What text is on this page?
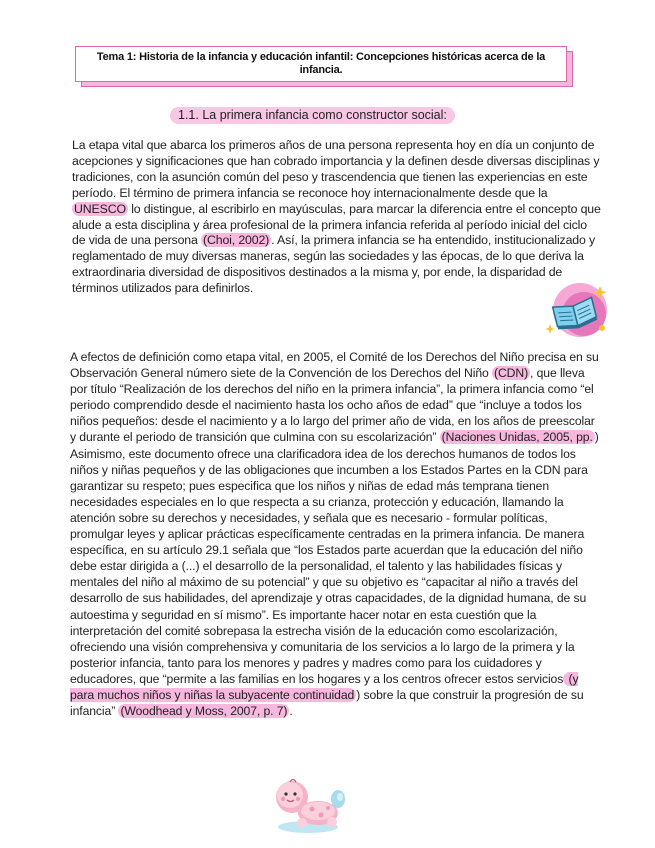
Tema 1: Historia de la infancia y educación infantil: Concepciones históricas acerca de la infancia.
1.1. La primera infancia como constructor social:

La etapa vital que abarca los primeros años de una persona representa hoy en día un conjunto de acepciones y significaciones que han cobrado importancia y la definen desde diversas disciplinas y tradiciones, con la asunción común del peso y trascendencia que tienen las experiencias en este período. El término de primera infancia se reconoce hoy internacionalmente desde que la UNESCO lo distingue, al escribirlo en mayúsculas, para marcar la diferencia entre el concepto que alude a esta disciplina y área profesional de la primera infancia referida al período inicial del ciclo de vida de una persona (Choi, 2002) . Así, la primera infancia se ha entendido, institucionalizado y reglamentado de muy diversas maneras, según las sociedades y las épocas, de lo que deriva la extraordinaria diversidad de dispositivos destinados a la misma y, por ende, la disparidad de términos utilizados para definirlos.

A efectos de definición como etapa vital, en 2005, el Comité de los Derechos del Niño precisa en su Observación General número siete de la Convención de los Derechos del Niño (CDN) , que lleva por título “Realización de los derechos del niño en la primera infancia”, la primera infancia como “el periodo comprendido desde el nacimiento hasta los ocho años de edad” que “incluye a todos los niños pequeños: desde el nacimiento y a lo largo del primer año de vida, en los años de preescolar y durante el periodo de transición que culmina con su escolarización” (Naciones Unidas, 2005, pp. ) Asimismo, este documento ofrece una clarificadora idea de los derechos humanos de todos los niños y niñas pequeños y de las obligaciones que incumben a los Estados Partes en la CDN para garantizar su respeto; pues especifica que los niños y niñas de edad más temprana tienen necesidades especiales en lo que respecta a su crianza, protección y educación, llamando la atención sobre su derechos y necesidades, y señala que es necesario - formular políticas, promulgar leyes y aplicar prácticas específicamente centradas en la primera infancia. De manera específica, en su artículo 29.1 señala que “los Estados parte acuerdan que la educación del niño debe estar dirigida a (...) el desarrollo de la personalidad, el talento y las habilidades físicas y mentales del niño al máximo de su potencial” y que su objetivo es “capacitar al niño a través del desarrollo de sus habilidades, del aprendizaje y otras capacidades, de la dignidad humana, de su autoestima y seguridad en sí mismo”. Es importante hacer notar en esta cuestión que la interpretación del comité sobrepasa la estrecha visión de la educación como escolarización, ofreciendo una visión comprehensiva y comunitaria de los servicios a lo largo de la primera y la posterior infancia, tanto para los menores y padres y madres como para los cuidadores y educadores, que “permite a las familias en los hogares y a los centros ofrecer estos servicios (y para muchos niños y niñas la subyacente continuidad ) sobre la que construir la progresión de su infancia” (Woodhead y Moss, 2007, p. 7) .
